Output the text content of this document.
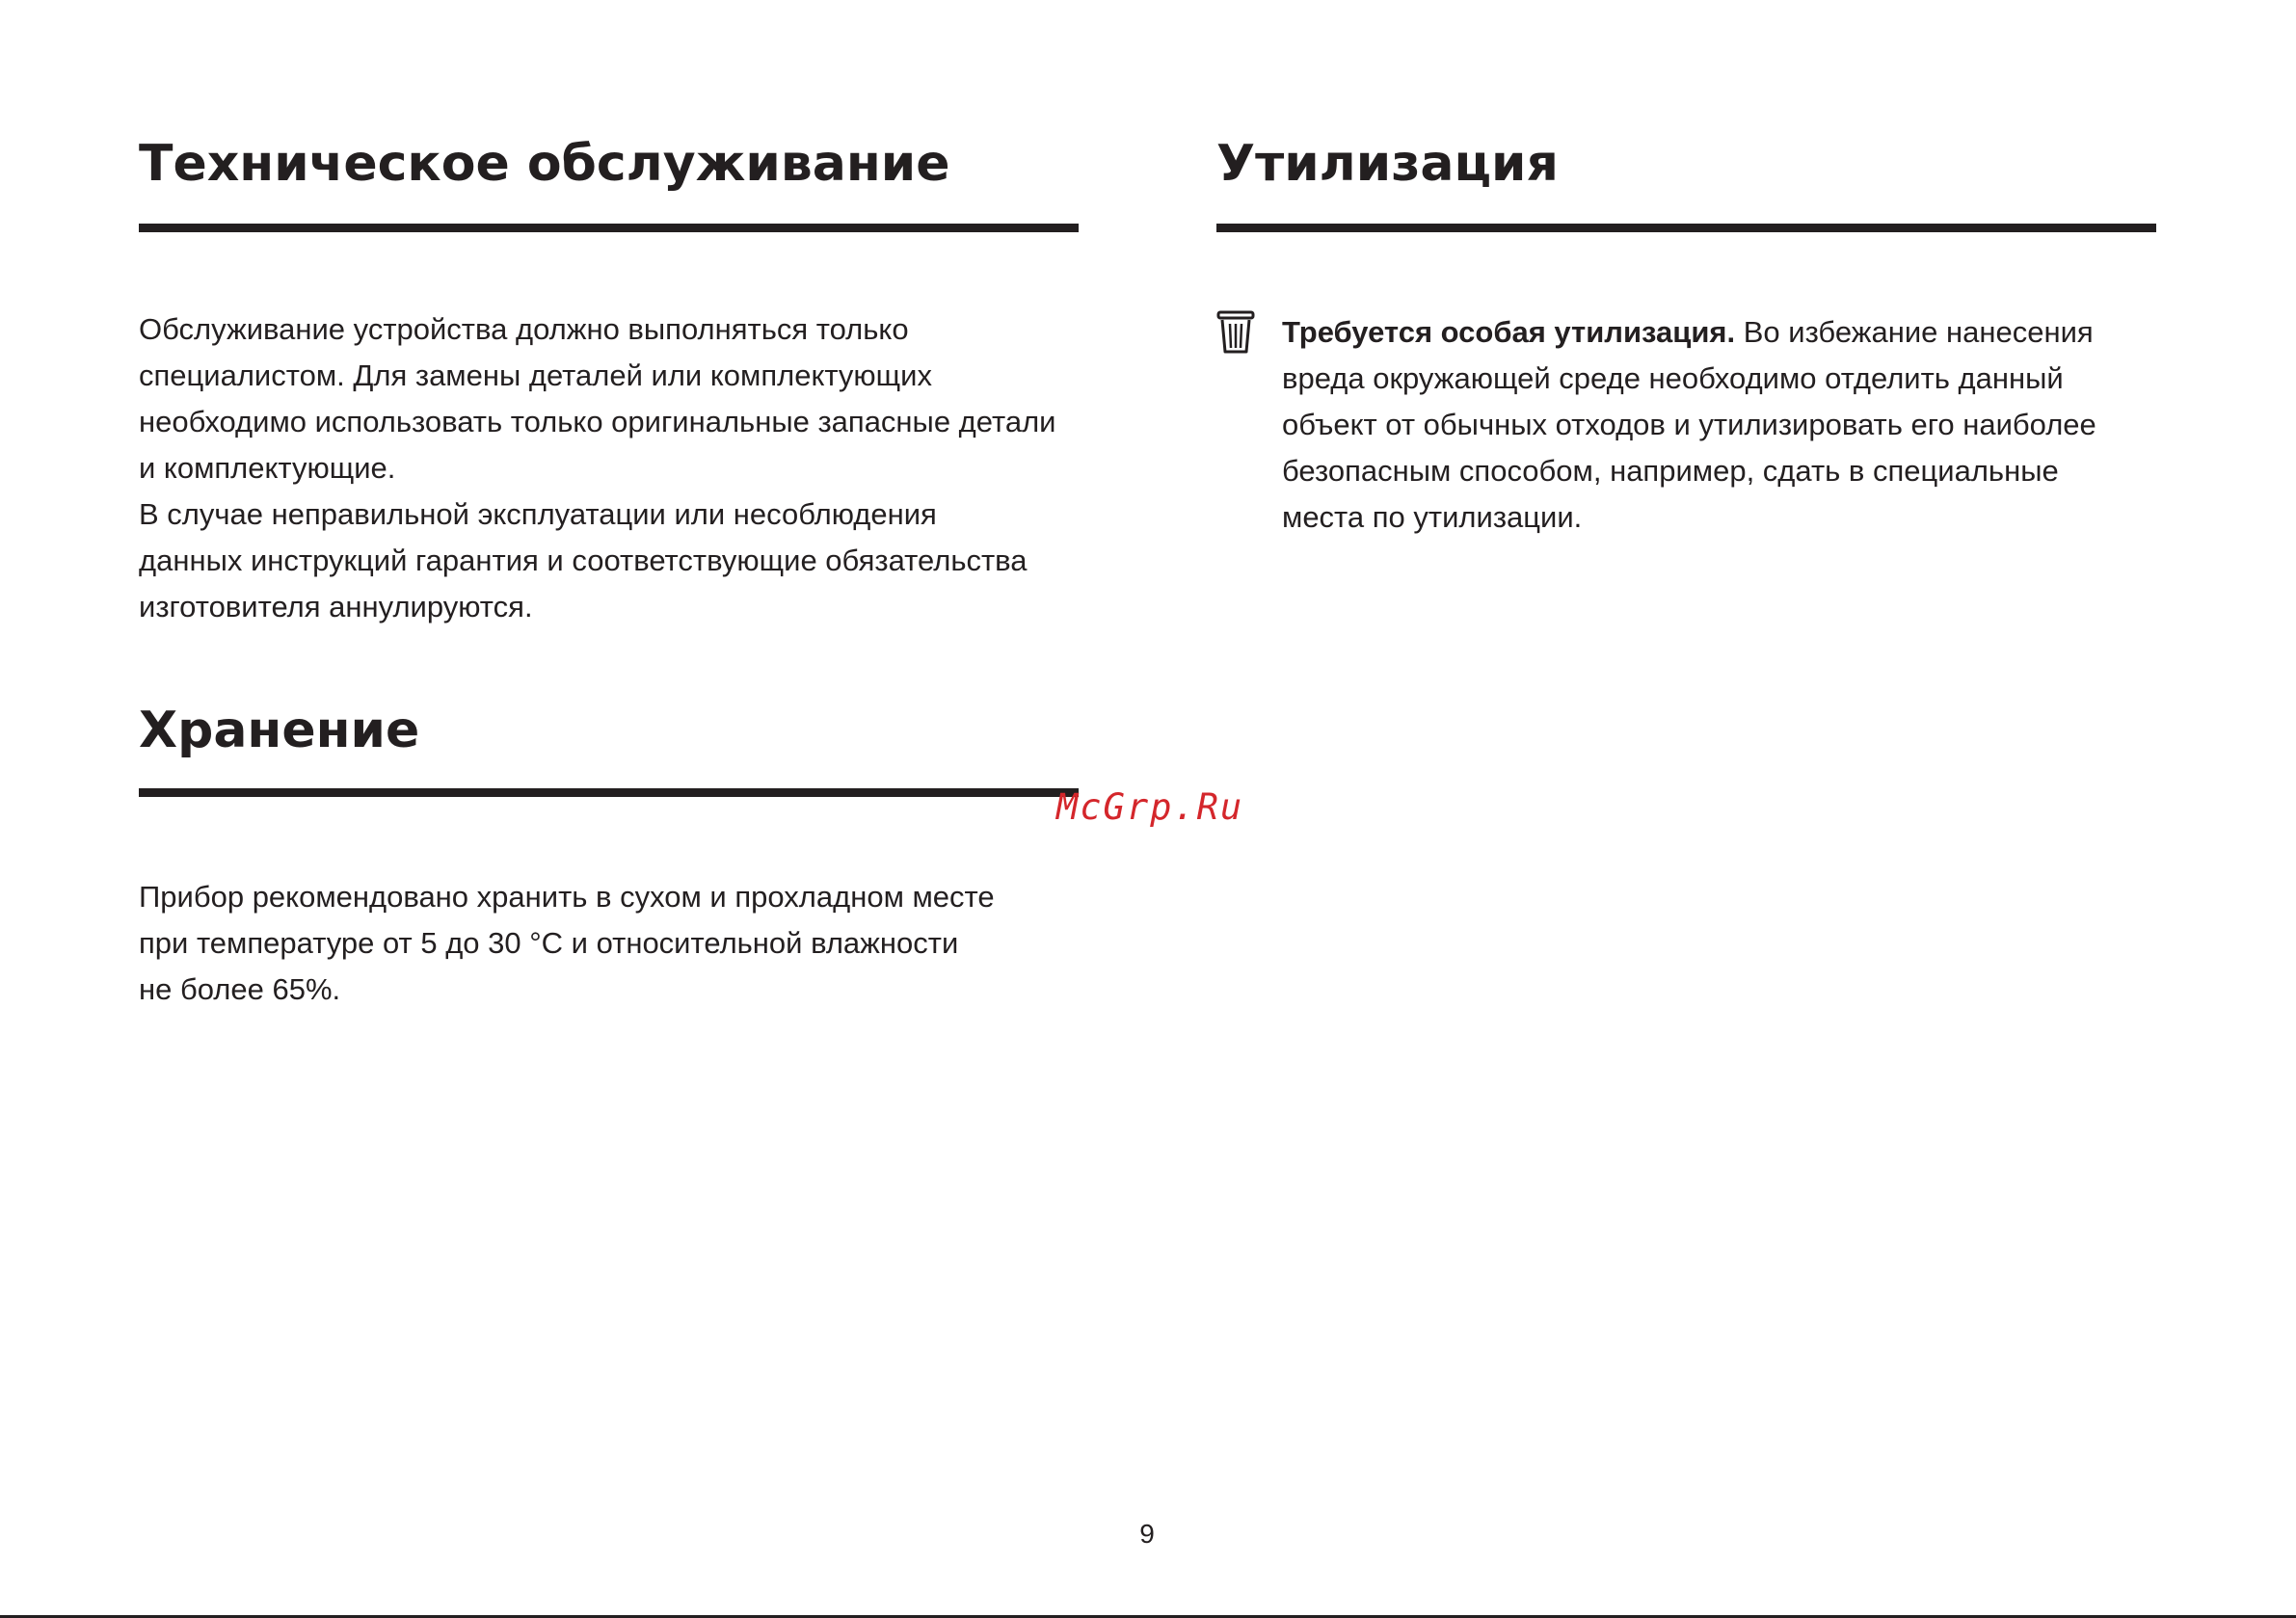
Техническое обслуживание

Обслуживание устройства должно выполняться только
специалистом. Для замены деталей или комплектующих
необходимо использовать только оригинальные запасные детали
и комплектующие.
В случае неправильной эксплуатации или несоблюдения
данных инструкций гарантия и соответствующие обязательства
изготовителя аннулируются.

Хранение

Прибор рекомендовано хранить в сухом и прохладном месте
при температуре от 5 до 30 °С и относительной влажности
не более 65%.

Утилизация

Требуется особая утилизация. Во избежание нанесения
вреда окружающей среде необходимо отделить данный
объект от обычных отходов и утилизировать его наиболее
безопасным способом, например, сдать в специальные
места по утилизации.

McGrp.Ru
9
